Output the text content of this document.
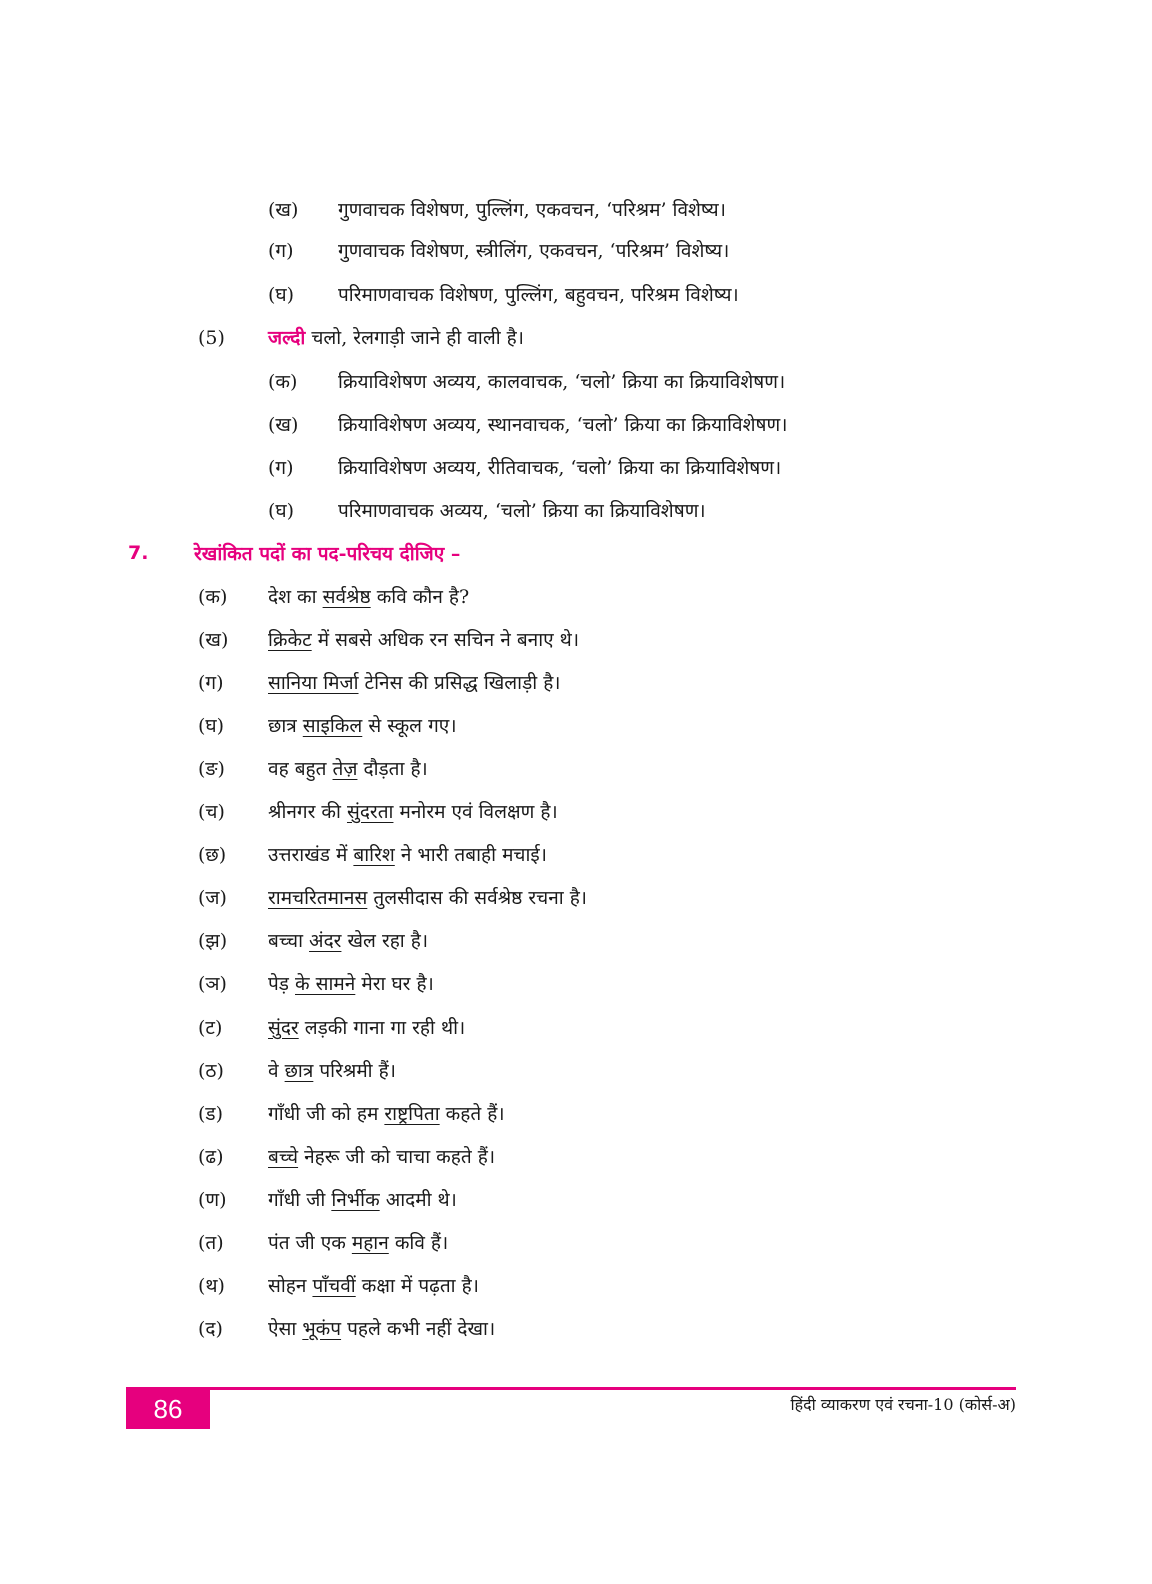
(ख) गुणवाचक विशेषण, पुल्लिंग, एकवचन, ‘परिश्रम’ विशेष्य।
(ग) गुणवाचक विशेषण, स्त्रीलिंग, एकवचन, ‘परिश्रम’ विशेष्य।
(घ) परिमाणवाचक विशेषण, पुल्लिंग, बहुवचन, परिश्रम विशेष्य।
(5) जल्दी चलो, रेलगाड़ी जाने ही वाली है।
(क) क्रियाविशेषण अव्यय, कालवाचक, ‘चलो’ क्रिया का क्रियाविशेषण।
(ख) क्रियाविशेषण अव्यय, स्थानवाचक, ‘चलो’ क्रिया का क्रियाविशेषण।
(ग) क्रियाविशेषण अव्यय, रीतिवाचक, ‘चलो’ क्रिया का क्रियाविशेषण।
(घ) परिमाणवाचक अव्यय, ‘चलो’ क्रिया का क्रियाविशेषण।
7. रेखांकित पदों का पद-परिचय दीजिए –
(क) देश का सर्वश्रेष्ठ कवि कौन है?
(ख) क्रिकेट में सबसे अधिक रन सचिन ने बनाए थे।
(ग) सानिया मिर्जा टेनिस की प्रसिद्ध खिलाड़ी है।
(घ) छात्र साइकिल से स्कूल गए।
(ङ) वह बहुत तेज़ दौड़ता है।
(च) श्रीनगर की सुंदरता मनोरम एवं विलक्षण है।
(छ) उत्तराखंड में बारिश ने भारी तबाही मचाई।
(ज) रामचरितमानस तुलसीदास की सर्वश्रेष्ठ रचना है।
(झ) बच्चा अंदर खेल रहा है।
(ञ) पेड़ के सामने मेरा घर है।
(ट) सुंदर लड़की गाना गा रही थी।
(ठ) वे छात्र परिश्रमी हैं।
(ड) गाँधी जी को हम राष्ट्रपिता कहते हैं।
(ढ) बच्चे नेहरू जी को चाचा कहते हैं।
(ण) गाँधी जी निर्भीक आदमी थे।
(त) पंत जी एक महान कवि हैं।
(थ) सोहन पाँचवीं कक्षा में पढ़ता है।
(द) ऐसा भूकंप पहले कभी नहीं देखा।
86	हिंदी व्याकरण एवं रचना-10 (कोर्स-अ)
